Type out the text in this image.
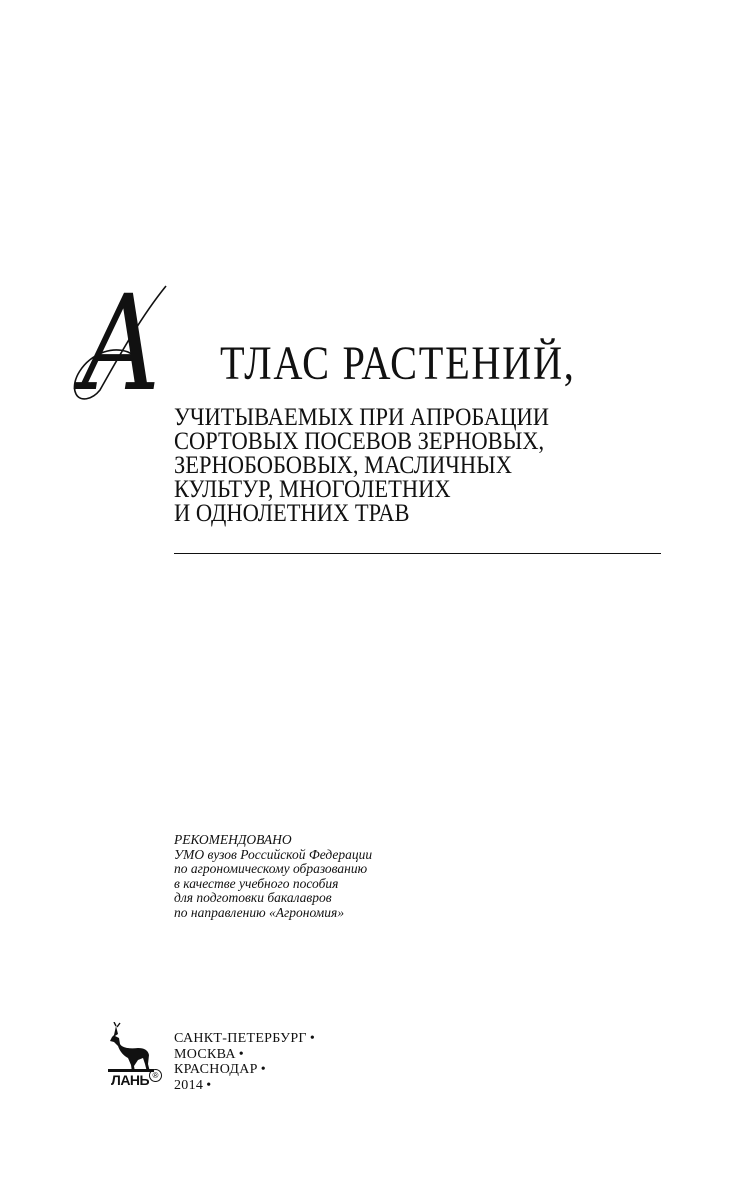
А ТЛАС РАСТЕНИЙ,
УЧИТЫВАЕМЫХ ПРИ АПРОБАЦИИ
СОРТОВЫХ ПОСЕВОВ ЗЕРНОВЫХ,
ЗЕРНОБОБОВЫХ, МАСЛИЧНЫХ
КУЛЬТУР, МНОГОЛЕТНИХ
И ОДНОЛЕТНИХ ТРАВ
РЕКОМЕНДОВАНО
УМО вузов Российской Федерации
по агрономическому образованию
в качестве учебного пособия
для подготовки бакалавров
по направлению «Агрономия»
ЛАНЬ ®
САНКТ-ПЕТЕРБУРГ •
МОСКВА •
КРАСНОДАР •
2014 •
